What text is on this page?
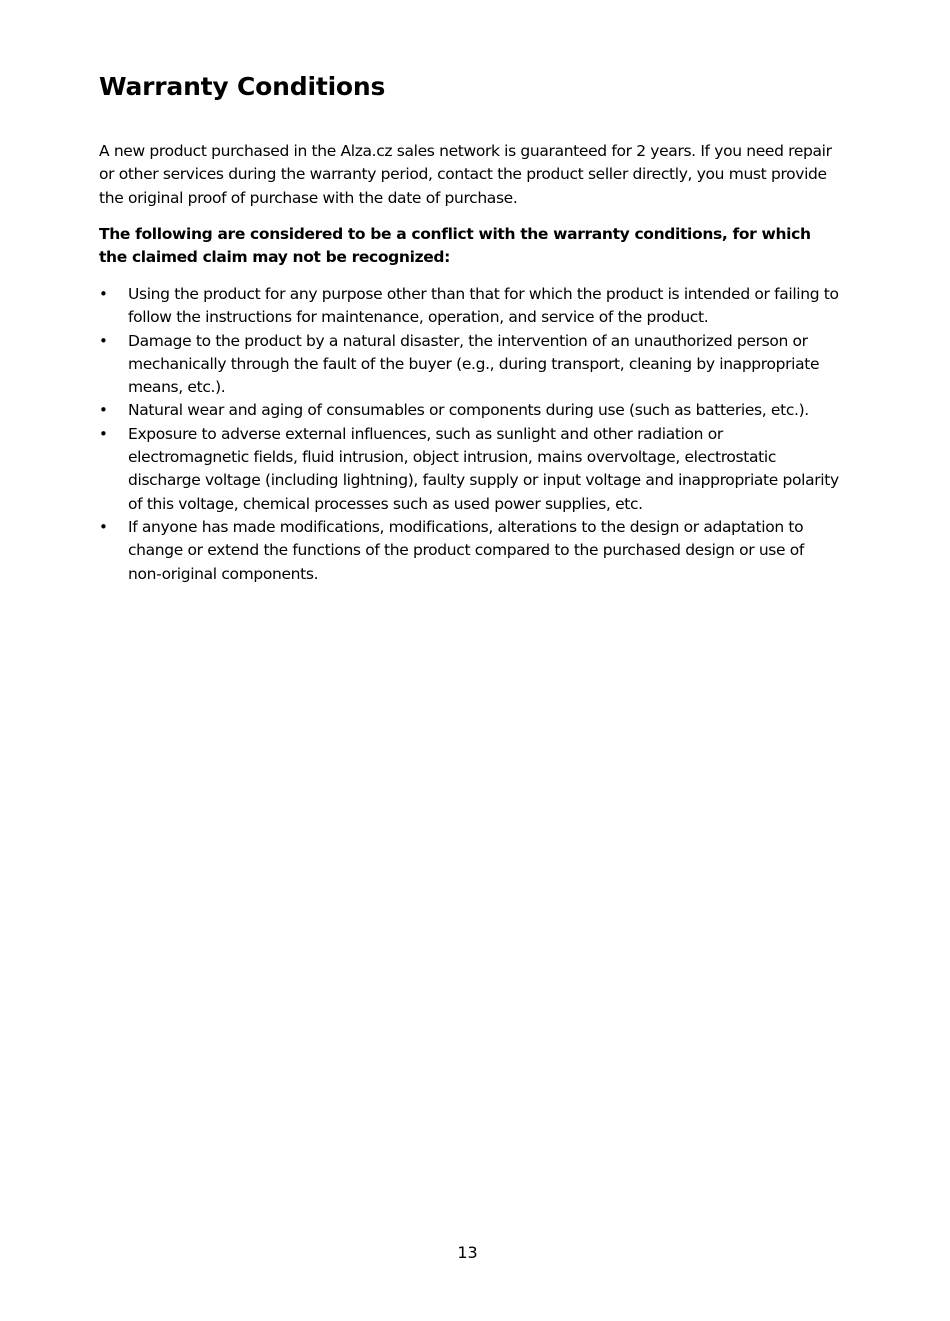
Warranty Conditions

A new product purchased in the Alza.cz sales network is guaranteed for 2 years. If you need repair or other services during the warranty period, contact the product seller directly, you must provide the original proof of purchase with the date of purchase.

The following are considered to be a conflict with the warranty conditions, for which the claimed claim may not be recognized:

•	Using the product for any purpose other than that for which the product is intended or failing to follow the instructions for maintenance, operation, and service of the product.
•	Damage to the product by a natural disaster, the intervention of an unauthorized person or mechanically through the fault of the buyer (e.g., during transport, cleaning by inappropriate means, etc.).
•	Natural wear and aging of consumables or components during use (such as batteries, etc.).
•	Exposure to adverse external influences, such as sunlight and other radiation or electromagnetic fields, fluid intrusion, object intrusion, mains overvoltage, electrostatic discharge voltage (including lightning), faulty supply or input voltage and inappropriate polarity of this voltage, chemical processes such as used power supplies, etc.
•	If anyone has made modifications, modifications, alterations to the design or adaptation to change or extend the functions of the product compared to the purchased design or use of non-original components.
13
